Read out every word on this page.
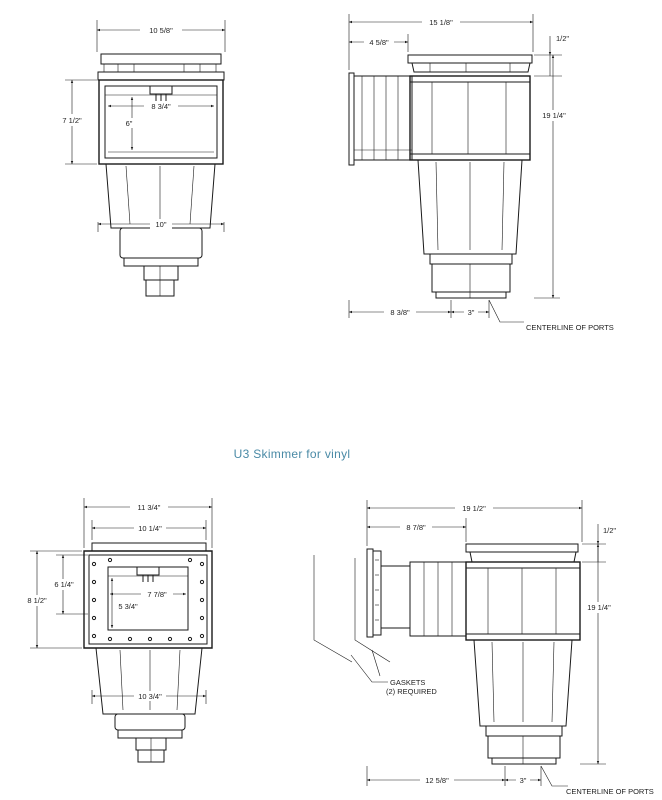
10 5/8"
7 1/2"
8 3/4"
6"
10"
15 1/8"
4 5/8"	1/2"
19 1/4"
8 3/8"	3"
CENTERLINE OF PORTS
U3 Skimmer for vinyl
11 3/4"
10 1/4"
8 1/2"
6 1/4"
7 7/8"
5 3/4"
10 3/4"
19 1/2"
8 7/8"	1/2"
19 1/4"
12 5/8"	3"
CENTERLINE OF PORTS
GASKETS
(2) REQUIRED
